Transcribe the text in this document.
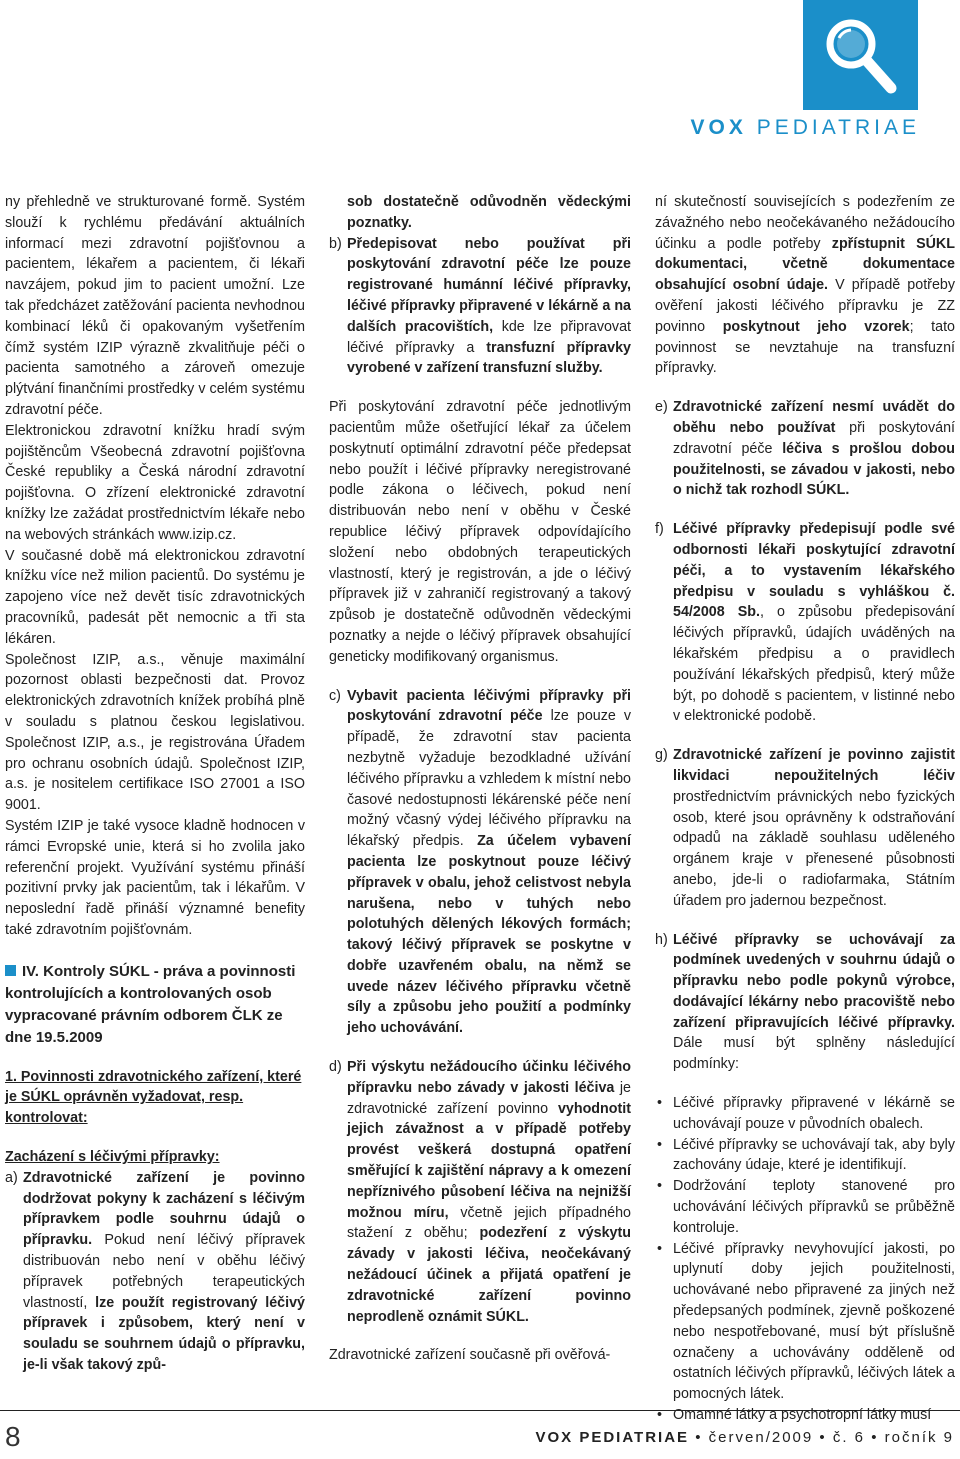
VOX PEDIATRIAE

ny přehledně ve strukturované formě. Systém slouží k rychlému předávání aktuálních informací mezi zdravotní pojišťovnou a pacientem, lékařem a pacientem, či lékaři navzájem, pokud jim to pacient umožní. Lze tak předcházet zatěžování pacienta nevhodnou kombinací léků či opakovaným vyšetřením čímž systém IZIP výrazně zkvalitňuje péči o pacienta samotného a zároveň omezuje plýtvání finančními prostředky v celém systému zdravotní péče.

Elektronickou zdravotní knížku hradí svým pojištěncům Všeobecná zdravotní pojišťovna České republiky a Česká národní zdravotní pojišťovna. O zřízení elektronické zdravotní knížky lze zažádat prostřednictvím lékaře nebo na webových stránkách www.izip.cz.

V současné době má elektronickou zdravotní knížku více než milion pacientů. Do systému je zapojeno více než devět tisíc zdravotnických pracovníků, padesát pět nemocnic a tři sta lékáren.

Společnost IZIP, a.s., věnuje maximální pozornost oblasti bezpečnosti dat. Provoz elektronických zdravotních knížek probíhá plně v souladu s platnou českou legislativou. Společnost IZIP, a.s., je registrována Úřadem pro ochranu osobních údajů. Společnost IZIP, a.s. je nositelem certifikace ISO 27001 a ISO 9001.

Systém IZIP je také vysoce kladně hodnocen v rámci Evropské unie, která si ho zvolila jako referenční projekt. Využívání systému přináší pozitivní prvky jak pacientům, tak i lékařům. V neposlední řadě přináší významné benefity také zdravotním pojišťovnám.

IV. Kontroly SÚKL - práva a povinnosti kontrolujících a kontrolovaných osob vypracované právním odborem ČLK ze dne 19.5.2009
1. Povinnosti zdravotnického zařízení, které je SÚKL oprávněn vyžadovat, resp. kontrolovat:
Zacházení s léčivými přípravky:
a) Zdravotnické zařízení je povinno dodržovat pokyny k zacházení s léčivým přípravkem podle souhrnu údajů o přípravku. Pokud není léčivý přípravek distribuován nebo není v oběhu léčivý přípravek potřebných terapeutických vlastností, lze použít registrovaný léčivý přípravek i způsobem, který není v souladu se souhrnem údajů o přípravku, je-li však takový způ-

sob dostatečně odůvodněn vědeckými poznatky.

b) Předepisovat nebo používat při poskytování zdravotní péče lze pouze registrované humánní léčivé přípravky, léčivé přípravky připravené v lékárně a na dalších pracovištích, kde lze připravovat léčivé přípravky a transfuzní přípravky vyrobené v zařízení transfuzní služby.

Při poskytování zdravotní péče jednotlivým pacientům může ošetřující lékař za účelem poskytnutí optimální zdravotní péče předepsat nebo použít i léčivé přípravky neregistrované podle zákona o léčivech, pokud není distribuován nebo není v oběhu v České republice léčivý přípravek odpovídajícího složení nebo obdobných terapeutických vlastností, který je registrován, a jde o léčivý přípravek již v zahraničí registrovaný a takový způsob je dostatečně odůvodněn vědeckými poznatky a nejde o léčivý přípravek obsahující geneticky modifikovaný organismus.

c) Vybavit pacienta léčivými přípravky při poskytování zdravotní péče lze pouze v případě, že zdravotní stav pacienta nezbytně vyžaduje bezodkladné užívání léčivého přípravku a vzhledem k místní nebo časové nedostupnosti lékárenské péče není možný včasný výdej léčivého přípravku na lékařský předpis. Za účelem vybavení pacienta lze poskytnout pouze léčivý přípravek v obalu, jehož celistvost nebyla narušena, nebo v tuhých nebo polotuhých dělených lékových formách; takový léčivý přípravek se poskytne v dobře uzavřeném obalu, na němž se uvede název léčivého přípravku včetně síly a způsobu jeho použití a podmínky jeho uchovávání.
d) Při výskytu nežádoucího účinku léčivého přípravku nebo závady v jakosti léčiva je zdravotnické zařízení povinno vyhodnotit jejich závažnost a v případě potřeby provést veškerá dostupná opatření směřující k zajištění nápravy a k omezení nepříznivého působení léčiva na nejnižší možnou míru, včetně jejich případného stažení z oběhu; podezření z výskytu závady v jakosti léčiva, neočekávaný nežádoucí účinek a přijatá opatření je zdravotnické zařízení povinno neprodleně oznámit SÚKL.

Zdravotnické zařízení současně při ověřová-

ní skutečností souvisejících s podezřením ze závažného nebo neočekávaného nežádoucího účinku a podle potřeby zpřístupnit SÚKL dokumentaci, včetně dokumentace obsahující osobní údaje. V případě potřeby ověření jakosti léčivého přípravku je ZZ povinno poskytnout jeho vzorek; tato povinnost se nevztahuje na transfuzní přípravky.

e) Zdravotnické zařízení nesmí uvádět do oběhu nebo používat při poskytování zdravotní péče léčiva s prošlou dobou použitelnosti, se závadou v jakosti, nebo o nichž tak rozhodl SÚKL.
f) Léčivé přípravky předepisují podle své odbornosti lékaři poskytující zdravotní péči, a to vystavením lékařského předpisu v souladu s vyhláškou č. 54/2008 Sb., o způsobu předepisování léčivých přípravků, údajích uváděných na lékařském předpisu a o pravidlech používání lékařských předpisů, který může být, po dohodě s pacientem, v listinné nebo v elektronické podobě.
g) Zdravotnické zařízení je povinno zajistit likvidaci nepoužitelných léčiv prostřednictvím právnických nebo fyzických osob, které jsou oprávněny k odstraňování odpadů na základě souhlasu uděleného orgánem kraje v přenesené působnosti anebo, jde-li o radiofarmaka, Státním úřadem pro jadernou bezpečnost.
h) Léčivé přípravky se uchovávají za podmínek uvedených v souhrnu údajů o přípravku nebo podle pokynů výrobce, dodávající lékárny nebo pracoviště nebo zařízení připravujících léčivé přípravky. Dále musí být splněny následující podmínky:
• Léčivé přípravky připravené v lékárně se uchovávají pouze v původních obalech.
• Léčivé přípravky se uchovávají tak, aby byly zachovány údaje, které je identifikují.
• Dodržování teploty stanovené pro uchovávání léčivých přípravků se průběžně kontroluje.
• Léčivé přípravky nevyhovující jakosti, po uplynutí doby jejich použitelnosti, uchovávané nebo připravené za jiných než předepsaných podmínek, zjevně poškozené nebo nespotřebované, musí být příslušně označeny a uchovávány odděleně od ostatních léčivých přípravků, léčivých látek a pomocných látek.
• Omamné látky a psychotropní látky musí
8	VOX PEDIATRIAE • červen/2009 • č. 6 • ročník 9
